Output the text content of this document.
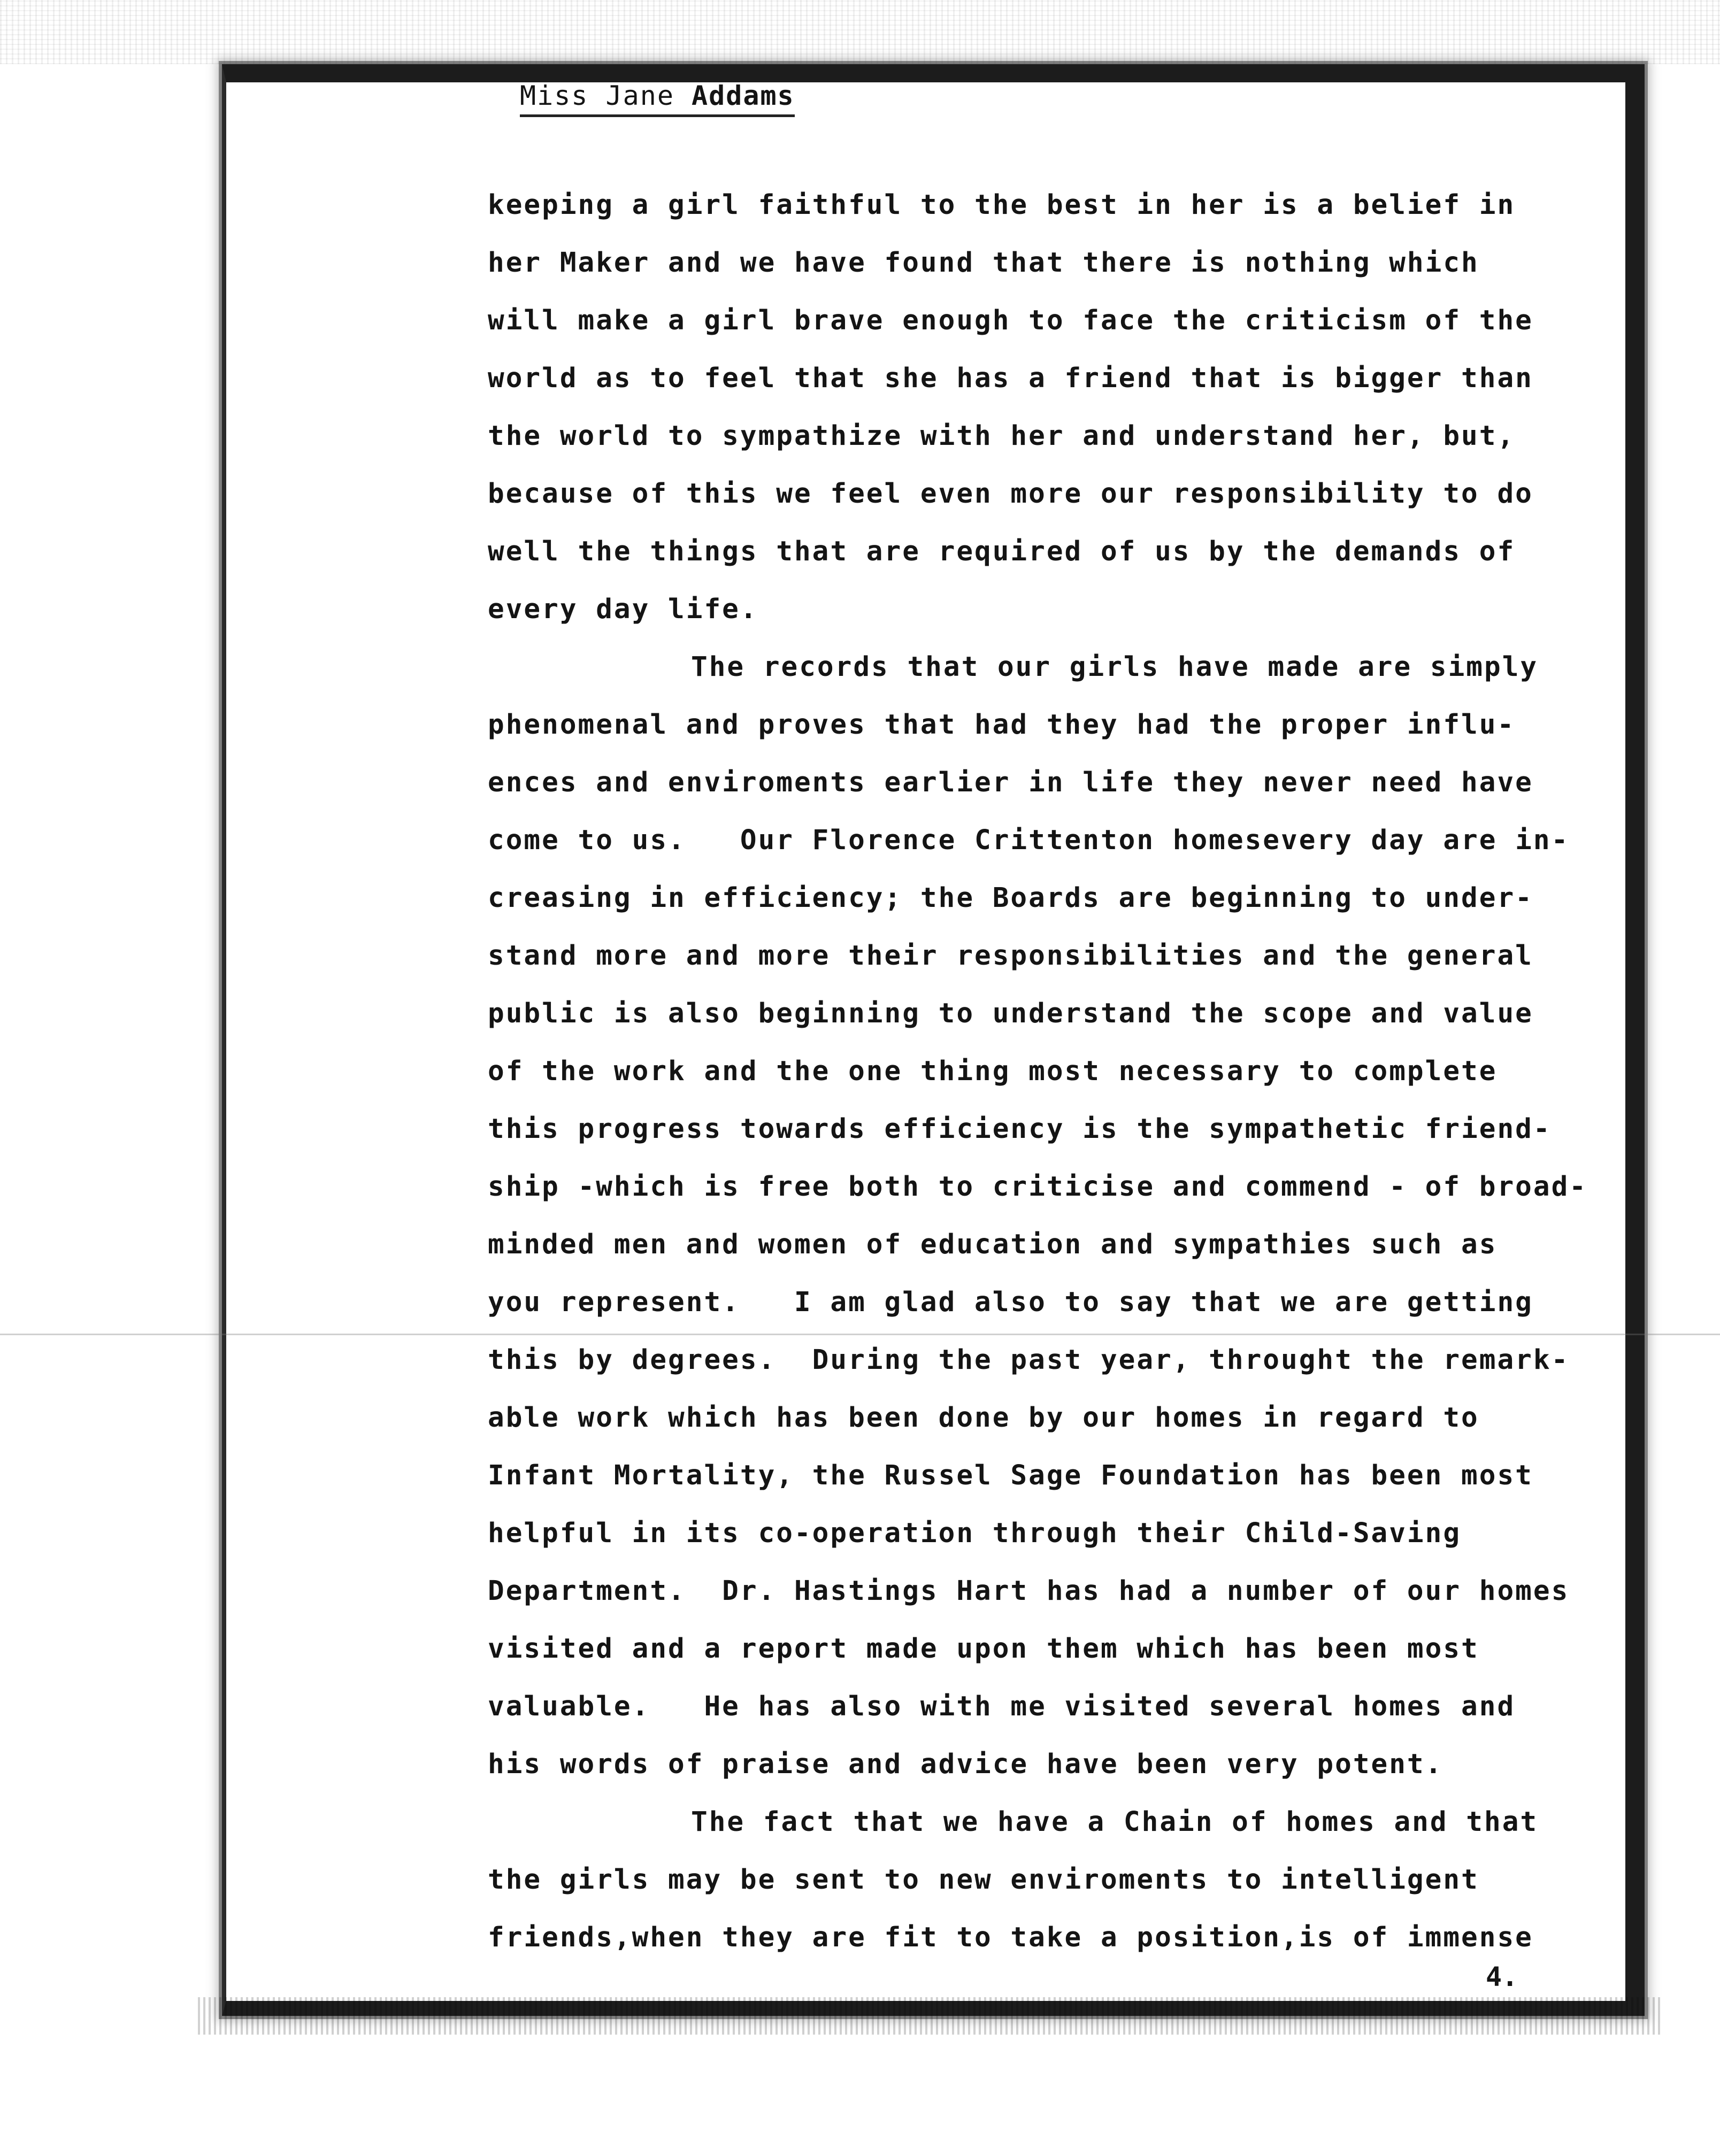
Miss Jane Addams
keeping a girl faithful to the best in her is a belief in
her Maker and we have found that there is nothing which
will make a girl brave enough to face the criticism of the
world as to feel that she has a friend that is bigger than
the world to sympathize with her and understand her, but,
because of this we feel even more our responsibility to do
well the things that are required of us by the demands of
every day life.
The records that our girls have made are simply
phenomenal and proves that had they had the proper influ-
ences and enviroments earlier in life they never need have
come to us.   Our Florence Crittenton homesevery day are in-
creasing in efficiency; the Boards are beginning to under-
stand more and more their responsibilities and the general
public is also beginning to understand the scope and value
of the work and the one thing most necessary to complete
this progress towards efficiency is the sympathetic friend-
ship -which is free both to criticise and commend - of broad-
minded men and women of education and sympathies such as
you represent.   I am glad also to say that we are getting
this by degrees.  During the past year, throught the remark-
able work which has been done by our homes in regard to
Infant Mortality, the Russel Sage Foundation has been most
helpful in its co-operation through their Child-Saving
Department.  Dr. Hastings Hart has had a number of our homes
visited and a report made upon them which has been most
valuable.   He has also with me visited several homes and
his words of praise and advice have been very potent.
The fact that we have a Chain of homes and that
the girls may be sent to new enviroments to intelligent
friends,when they are fit to take a position,is of immense
4.
